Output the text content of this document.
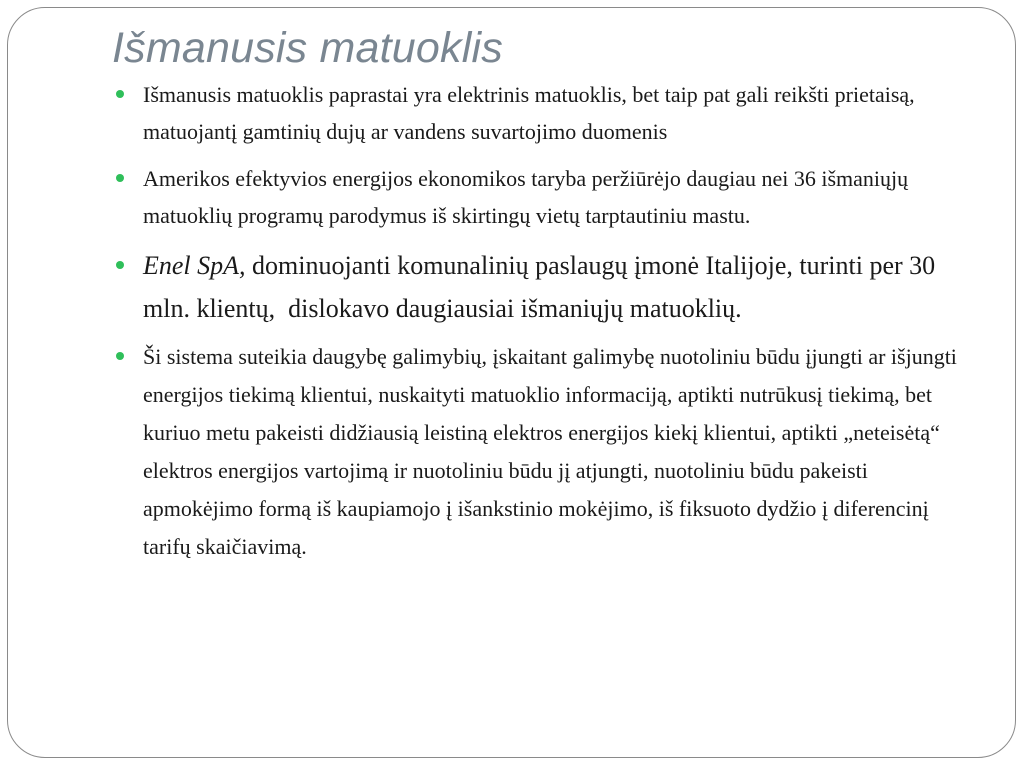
Išmanusis matuoklis
Išmanusis matuoklis paprastai yra elektrinis matuoklis, bet taip pat gali reikšti prietaisą, matuojantį gamtinių dujų ar vandens suvartojimo duomenis
Amerikos efektyvios energijos ekonomikos taryba peržiūrėjo daugiau nei 36 išmaniųjų matuoklių programų parodymus iš skirtingų vietų tarptautiniu mastu.
Enel SpA, dominuojanti komunalinių paslaugų įmonė Italijoje, turinti per 30 mln. klientų,  dislokavo daugiausiai išmaniųjų matuoklių.
Ši sistema suteikia daugybę galimybių, įskaitant galimybę nuotoliniu būdu įjungti ar išjungti energijos tiekimą klientui, nuskaityti matuoklio informaciją, aptikti nutrūkusį tiekimą, bet kuriuo metu pakeisti didžiausią leistiną elektros energijos kiekį klientui, aptikti „neteisėtą“ elektros energijos vartojimą ir nuotoliniu būdu jį atjungti, nuotoliniu būdu pakeisti apmokėjimo formą iš kaupiamojo į išankstinio mokėjimo, iš fiksuoto dydžio į diferencinį tarifų skaičiavimą.
